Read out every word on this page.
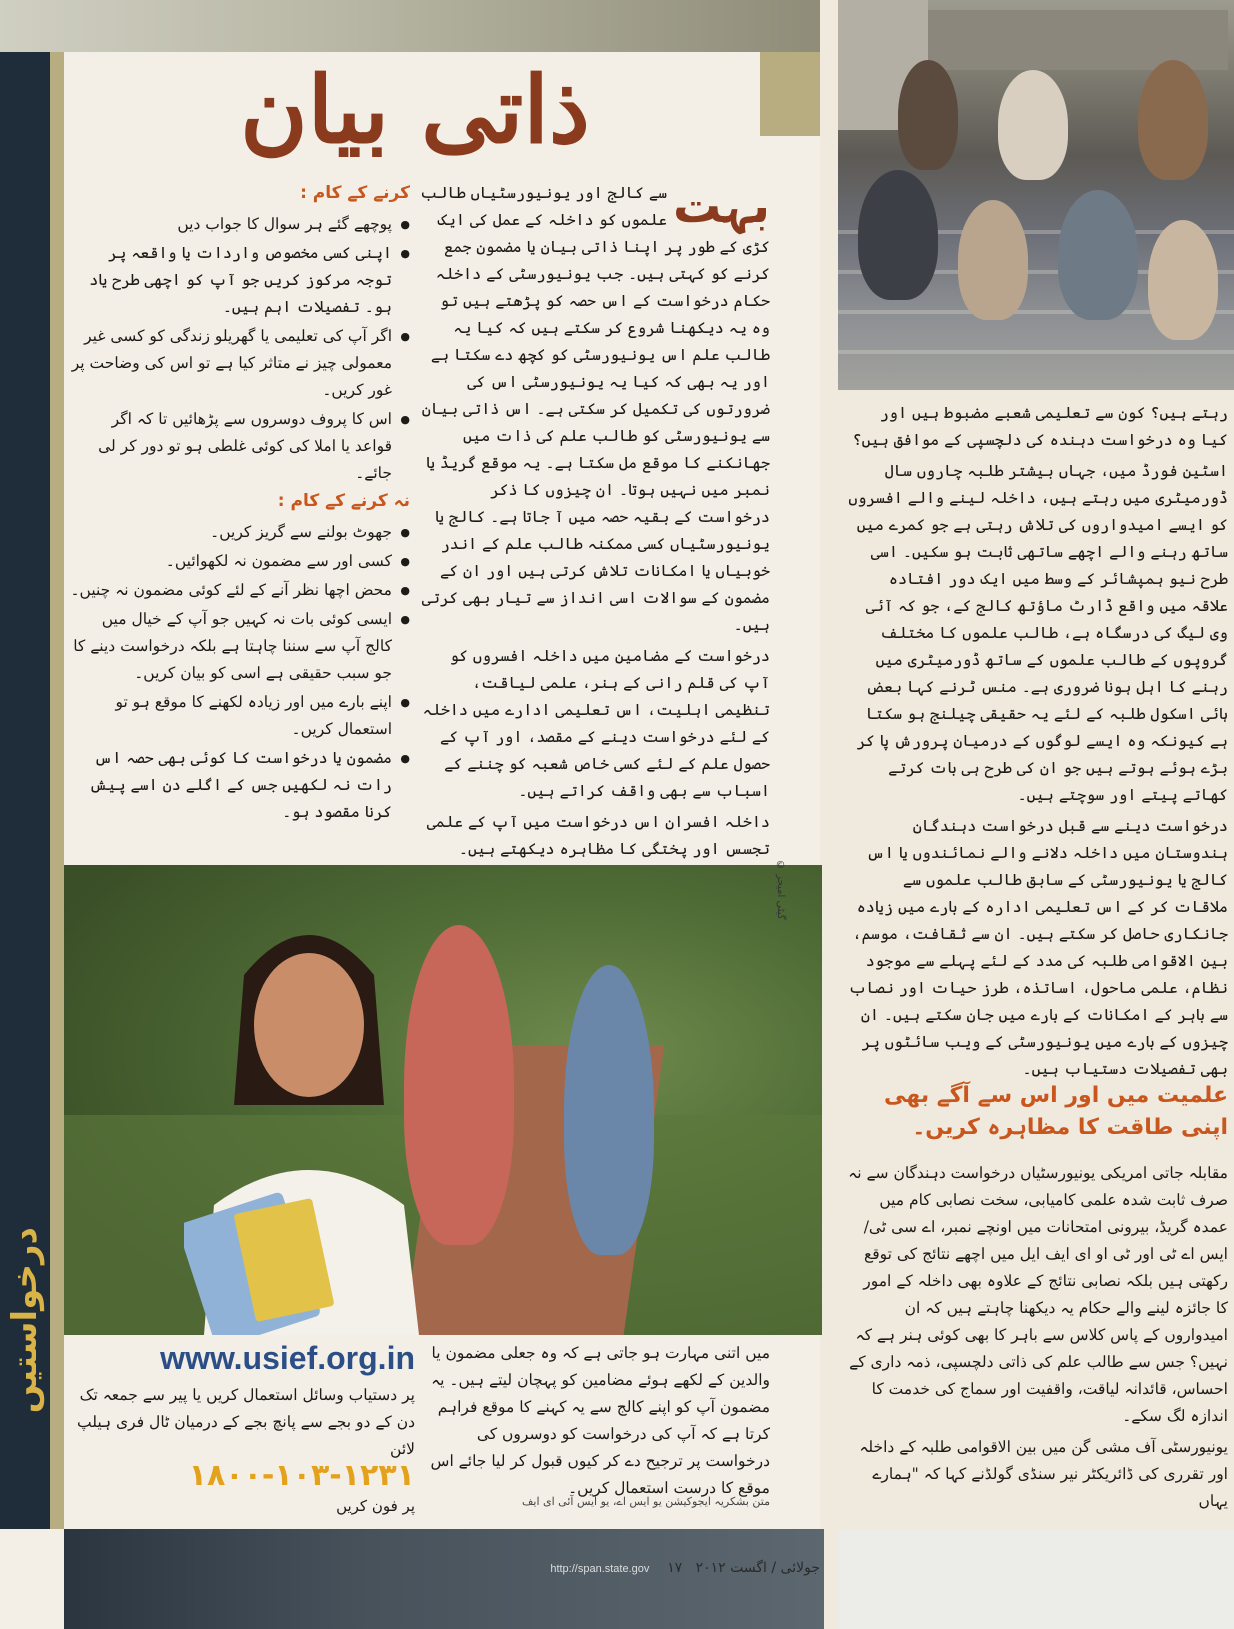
درخواستیں
ذاتی بیان
بہت

سے کالج اور یونیورسٹیاں طالب علموں کو داخلہ کے عمل کی ایک کڑی کے طور پر اپنا ذاتی بیان یا مضمون جمع کرنے کو کہتی ہیں۔ جب یونیورسٹی کے داخلہ حکام درخواست کے اس حصہ کو پڑھتے ہیں تو وہ یہ دیکھنا شروع کر سکتے ہیں کہ کیا یہ طالب علم اس یونیورسٹی کو کچھ دے سکتا ہے اور یہ بھی کہ کیا یہ یونیورسٹی اس کی ضرورتوں کی تکمیل کر سکتی ہے۔ اس ذاتی بیان سے یونیورسٹی کو طالب علم کی ذات میں جھانکنے کا موقع مل سکتا ہے۔ یہ موقع گریڈ یا نمبر میں نہیں ہوتا۔ ان چیزوں کا ذکر درخواست کے بقیہ حصہ میں آ جاتا ہے۔ کالج یا یونیورسٹیاں کسی ممکنہ طالب علم کے اندر خوبیاں یا امکانات تلاش کرتی ہیں اور ان کے مضمون کے سوالات اسی انداز سے تیار بھی کرتی ہیں۔

درخواست کے مضامین میں داخلہ افسروں کو آپ کی قلم رانی کے ہنر، علمی لیاقت، تنظیمی اہلیت، اس تعلیمی ادارے میں داخلہ کے لئے درخواست دینے کے مقصد، اور آپ کے حصول علم کے لئے کسی خاص شعبہ کو چننے کے اسباب سے بھی واقف کراتے ہیں۔

داخلہ افسران اس درخواست میں آپ کے علمی تجسس اور پختگی کا مظاہرہ دیکھتے ہیں۔

کرنے کے کام :
● پوچھے گئے ہر سوال کا جواب دیں
● اپنی کسی مخصوص واردات یا واقعہ پر توجہ مرکوز کریں جو آپ کو اچھی طرح یاد ہو۔ تفصیلات اہم ہیں۔
● اگر آپ کی تعلیمی یا گھریلو زندگی کو کسی غیر معمولی چیز نے متاثر کیا ہے تو اس کی وضاحت پر غور کریں۔
● اس کا پروف دوسروں سے پڑھائیں تا کہ اگر قواعد یا املا کی کوئی غلطی ہو تو دور کر لی جائے۔
نہ کرنے کے کام :
● جھوٹ بولنے سے گریز کریں۔
● کسی اور سے مضمون نہ لکھوائیں۔
● محض اچھا نظر آنے کے لئے کوئی مضمون نہ چنیں۔
● ایسی کوئی بات نہ کہیں جو آپ کے خیال میں کالج آپ سے سننا چاہتا ہے بلکہ درخواست دینے کا جو سبب حقیقی ہے اسی کو بیان کریں۔
● اپنے بارے میں اور زیادہ لکھنے کا موقع ہو تو استعمال کریں۔
● مضمون یا درخواست کا کوئی بھی حصہ اس رات نہ لکھیں جس کے اگلے دن اسے پیش کرنا مقصود ہو۔

رہتے ہیں؟ کون سے تعلیمی شعبے مضبوط ہیں اور کیا وہ درخواست دہندہ کی دلچسپی کے موافق ہیں؟

اسٹین فورڈ میں، جہاں بیشتر طلبہ چاروں سال ڈورمیٹری میں رہتے ہیں، داخلہ لینے والے افسروں کو ایسے امیدواروں کی تلاش رہتی ہے جو کمرے میں ساتھ رہنے والے اچھے ساتھی ثابت ہو سکیں۔ اسی طرح نیو ہمپشائر کے وسط میں ایک دور افتادہ علاقہ میں واقع ڈارٹ ماؤتھ کالج کے، جو کہ آئی وی لیگ کی درسگاہ ہے، طالب علموں کا مختلف گروپوں کے طالب علموں کے ساتھ ڈورمیٹری میں رہنے کا اہل ہونا ضروری ہے۔ منس ٹرنے کہا بعض ہائی اسکول طلبہ کے لئے یہ حقیقی چیلنج ہو سکتا ہے کیونکہ وہ ایسے لوگوں کے درمیان پرورش پا کر بڑے ہوئے ہوتے ہیں جو ان کی طرح ہی بات کرتے کھاتے پیتے اور سوچتے ہیں۔

درخواست دینے سے قبل درخواست دہندگان ہندوستان میں داخلہ دلانے والے نمائندوں یا اس کالج یا یونیورسٹی کے سابق طالب علموں سے ملاقات کر کے اس تعلیمی ادارہ کے بارے میں زیادہ جانکاری حاصل کر سکتے ہیں۔ ان سے ثقافت، موسم، بین الاقوامی طلبہ کی مدد کے لئے پہلے سے موجود نظام، علمی ماحول، اساتذہ، طرز حیات اور نصاب سے باہر کے امکانات کے بارے میں جان سکتے ہیں۔ ان چیزوں کے بارے میں یونیورسٹی کے ویب سائٹوں پر بھی تفصیلات دستیاب ہیں۔

علمیت میں اور اس سے آگے بھی اپنی طاقت کا مظاہرہ کریں۔

مقابلہ جاتی امریکی یونیورسٹیاں درخواست دہندگان سے نہ صرف ثابت شدہ علمی کامیابی، سخت نصابی کام میں عمدہ گریڈ، بیرونی امتحانات میں اونچے نمبر، اے سی ٹی/ ایس اے ٹی اور ٹی او ای ایف ایل میں اچھے نتائج کی توقع رکھتی ہیں بلکہ نصابی نتائج کے علاوہ بھی داخلہ کے امور کا جائزہ لینے والے حکام یہ دیکھنا چاہتے ہیں کہ ان امیدواروں کے پاس کلاس سے باہر کا بھی کوئی ہنر ہے کہ نہیں؟ جس سے طالب علم کی ذاتی دلچسپی، ذمہ داری کے احساس، قائدانہ لیاقت، واقفیت اور سماج کی خدمت کا اندازہ لگ سکے۔

یونیورسٹی آف مشی گن میں بین الاقوامی طلبہ کے داخلہ اور تقرری کی ڈائریکٹر نیر سنڈی گولڈنے کہا کہ "ہمارے یہاں

© گیٹی امیجز
میں اتنی مہارت ہو جاتی ہے کہ وہ جعلی مضمون یا والدین کے لکھے ہوئے مضامین کو پہچان لیتے ہیں۔ یہ مضمون آپ کو اپنے کالج سے یہ کہنے کا موقع فراہم کرتا ہے کہ آپ کی درخواست کو دوسروں کی درخواست پر ترجیح دے کر کیوں قبول کر لیا جائے اس موقع کا درست استعمال کریں۔
متن بشکریہ ایجوکیشن یو ایس اے، یو ایس آئی ای ایف
www.usief.org.in
پر دستیاب وسائل استعمال کریں یا پیر سے جمعہ تک دن کے دو بجے سے پانچ بجے کے درمیان ٹال فری ہیلپ لائن
۱۸۰۰-۱۰۳-۱۲۳۱
پر فون کریں
جولائی / اگست ۲۰۱۲   ۱۷    http://span.state.gov
